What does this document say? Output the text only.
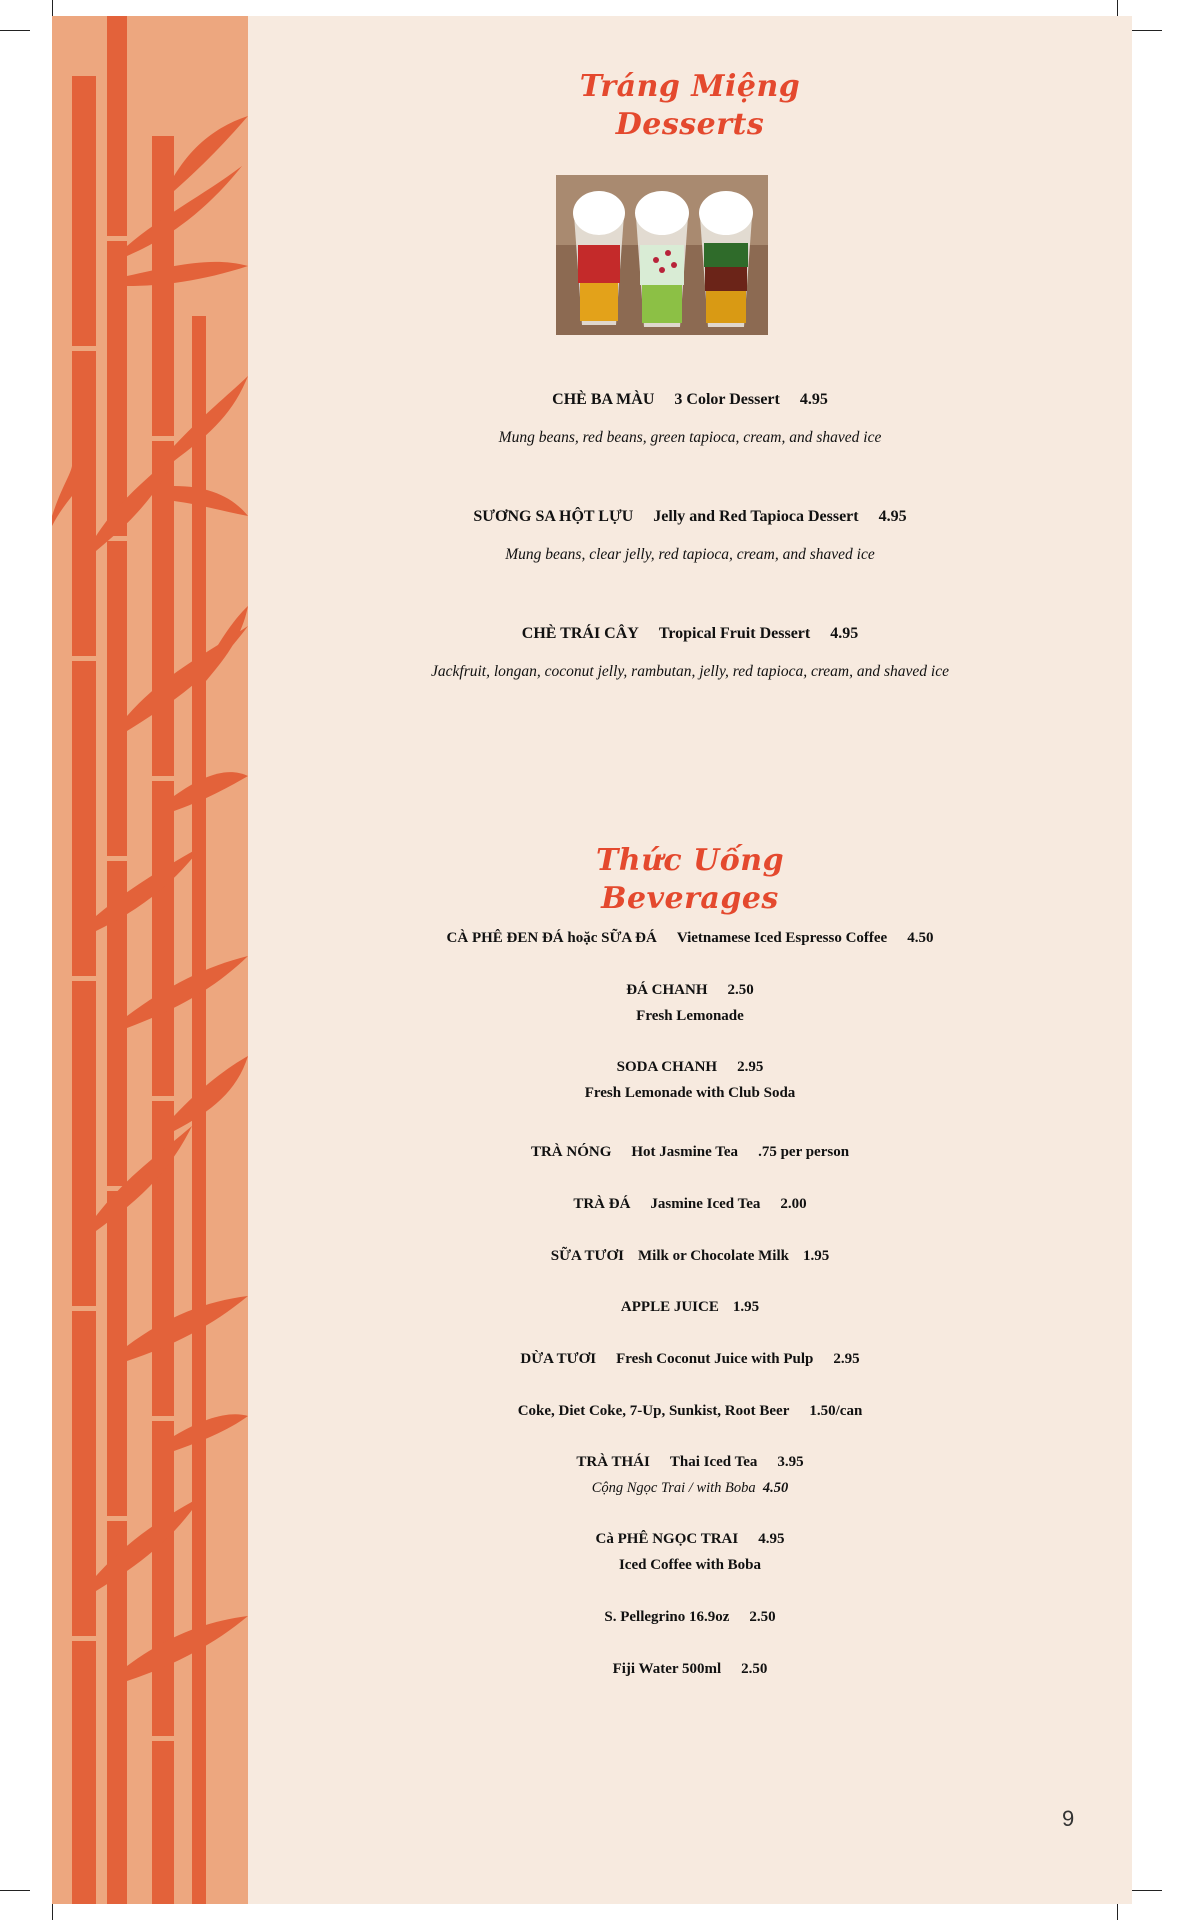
Tráng Miệng
Desserts
CHÈ BA MÀU 3 Color Dessert 4.95
Mung beans, red beans, green tapioca, cream, and shaved ice
SƯƠNG SA HỘT LỰU Jelly and Red Tapioca Dessert 4.95
Mung beans, clear jelly, red tapioca, cream, and shaved ice
CHÈ TRÁI CÂY Tropical Fruit Dessert 4.95
Jackfruit, longan, coconut jelly, rambutan, jelly, red tapioca, cream, and shaved ice
Thức Uống
Beverages
CÀ PHÊ ĐEN ĐÁ hoặc SỮA ĐÁ Vietnamese Iced Espresso Coffee 4.50
ĐÁ CHANH 2.50
Fresh Lemonade
SODA CHANH 2.95
Fresh Lemonade with Club Soda
TRÀ NÓNG Hot Jasmine Tea .75 per person
TRÀ ĐÁ Jasmine Iced Tea 2.00
SỮA TƯƠI Milk or Chocolate Milk 1.95
APPLE JUICE 1.95
DỪA TƯƠI Fresh Coconut Juice with Pulp 2.95
Coke, Diet Coke, 7-Up, Sunkist, Root Beer 1.50/can
TRÀ THÁI Thai Iced Tea 3.95
Cộng Ngọc Trai / with Boba 4.50
Cà PHÊ NGỌC TRAI 4.95
Iced Coffee with Boba
S. Pellegrino 16.9oz 2.50
Fiji Water 500ml 2.50
9
